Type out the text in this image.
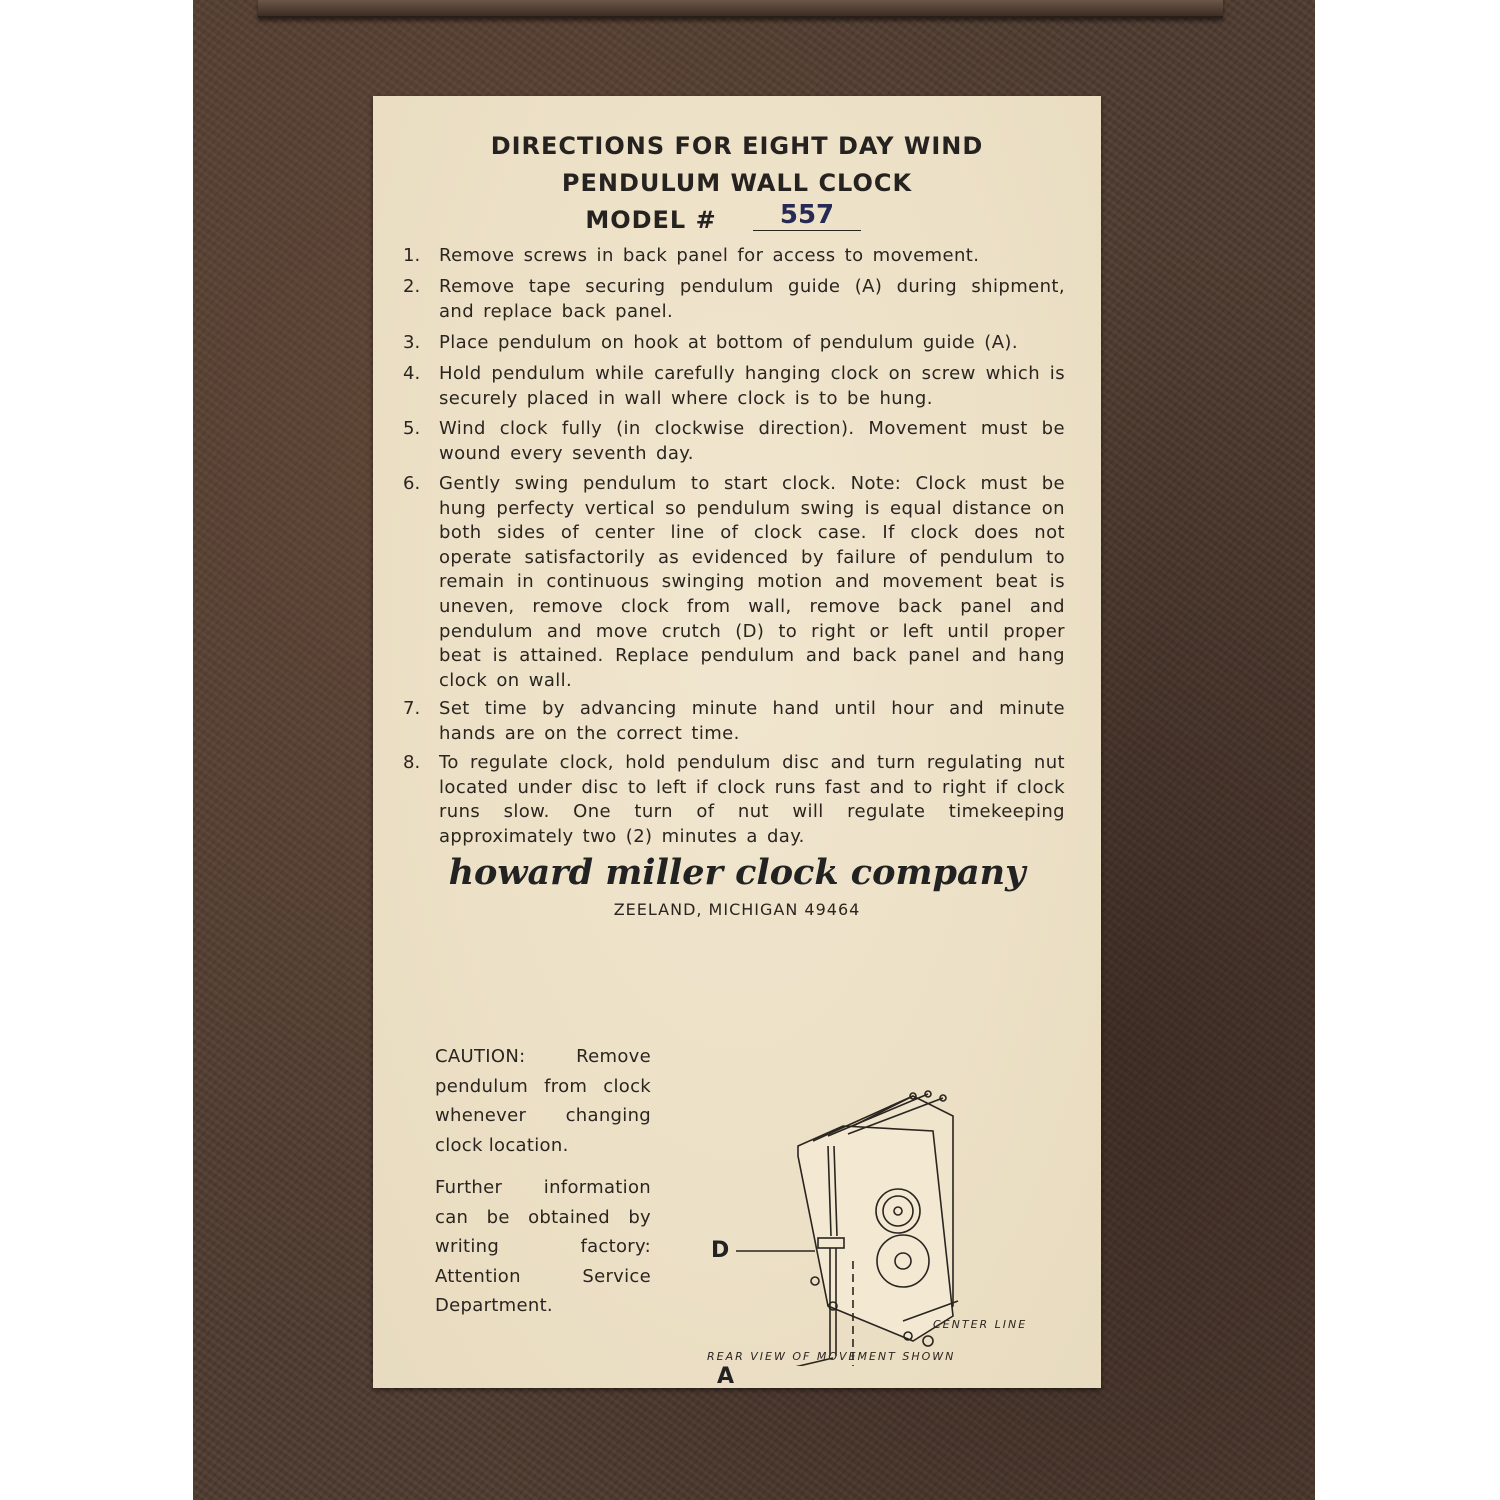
DIRECTIONS FOR EIGHT DAY WIND
PENDULUM WALL CLOCK
MODEL #	557
1.	Remove screws in back panel for access to movement.
2.	Remove tape securing pendulum guide (A) during shipment, and replace back panel.
3.	Place pendulum on hook at bottom of pendulum guide (A).
4.	Hold pendulum while carefully hanging clock on screw which is securely placed in wall where clock is to be hung.
5.	Wind clock fully (in clockwise direction). Movement must be wound every seventh day.
6.	Gently swing pendulum to start clock. Note: Clock must be hung perfecty vertical so pendulum swing is equal distance on both sides of center line of clock case. If clock does not operate satisfactorily as evidenced by failure of pendulum to remain in continuous swinging motion and movement beat is uneven, remove clock from wall, remove back panel and pendulum and move crutch (D) to right or left until proper beat is attained. Replace pendulum and back panel and hang clock on wall.
7.	Set time by advancing minute hand until hour and minute hands are on the correct time.
8.	To regulate clock, hold pendulum disc and turn regulating nut located under disc to left if clock runs fast and to right if clock runs slow. One turn of nut will regulate timekeeping approximately two (2) minutes a day.
howard miller clock company
ZEELAND, MICHIGAN 49464
CAUTION: Remove pendulum from clock whenever changing clock location.
Further information can be obtained by writing factory: Attention Service Department.
D
A
CENTER LINE
REAR VIEW OF MOVEMENT SHOWN
